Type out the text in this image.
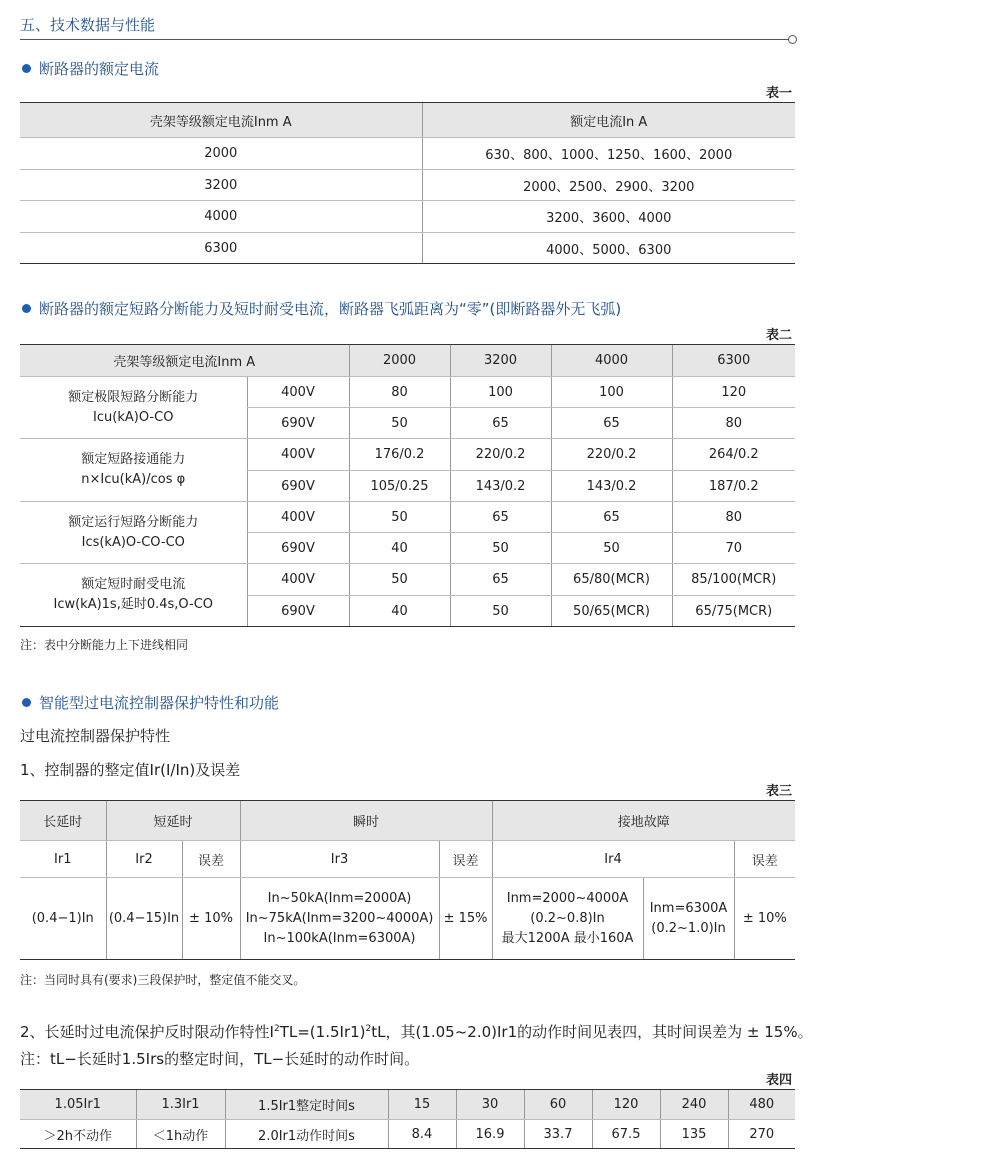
五、技术数据与性能
断路器的额定电流
表一
壳架等级额定电流Inm A	额定电流In A
2000	630、800、1000、1250、1600、2000
3200	2000、2500、2900、3200
4000	3200、3600、4000
6300	4000、5000、6300
断路器的额定短路分断能力及短时耐受电流，断路器飞弧距离为“零”(即断路器外无飞弧)
表二
壳架等级额定电流Inm A		2000	3200	4000	6300

额定极限短路分断能力
Icu(kA)O-CO	400V	80	100	100	120
	690V	50	65	65	80

额定短路接通能力
n×Icu(kA)/cos φ	400V	176/0.2	220/0.2	220/0.2	264/0.2
	690V	105/0.25	143/0.2	143/0.2	187/0.2

额定运行短路分断能力
Ics(kA)O-CO-CO	400V	50	65	65	80
	690V	40	50	50	70

额定短时耐受电流
Icw(kA)1s,延时0.4s,O-CO	400V	50	65	65/80(MCR)	85/100(MCR)
	690V	40	50	50/65(MCR)	65/75(MCR)
注：表中分断能力上下进线相同
智能型过电流控制器保护特性和功能
过电流控制器保护特性
1、控制器的整定值Ir(I/In)及误差
表三
长延时	短延时		瞬时		接地故障		
Ir1	Ir2	误差	Ir3	误差	Ir4		误差
(0.4−1)In	(0.4−15)In	± 10%	In~50kA(Inm=2000A)
In~75kA(Inm=3200~4000A)
In~100kA(Inm=6300A)	± 15%	Inm=2000~4000A
(0.2~0.8)In
最大1200A 最小160A	Inm=6300A
(0.2~1.0)In	± 10%
注：当同时具有(要求)三段保护时，整定值不能交叉。
2、长延时过电流保护反时限动作特性$I^2TL=(1.5Ir1)^2tL$，其(1.05~2.0)Ir1的动作时间见表四，其时间误差为 ± 15%。
注：tL−长延时1.5Irs的整定时间，TL−长延时的动作时间。
表四
1.05Ir1	1.3Ir1	1.5Ir1整定时间s	15	30	60	120	240	480
＞2h不动作	＜1h动作	2.0Ir1动作时间s	8.4	16.9	33.7	67.5	135	270
